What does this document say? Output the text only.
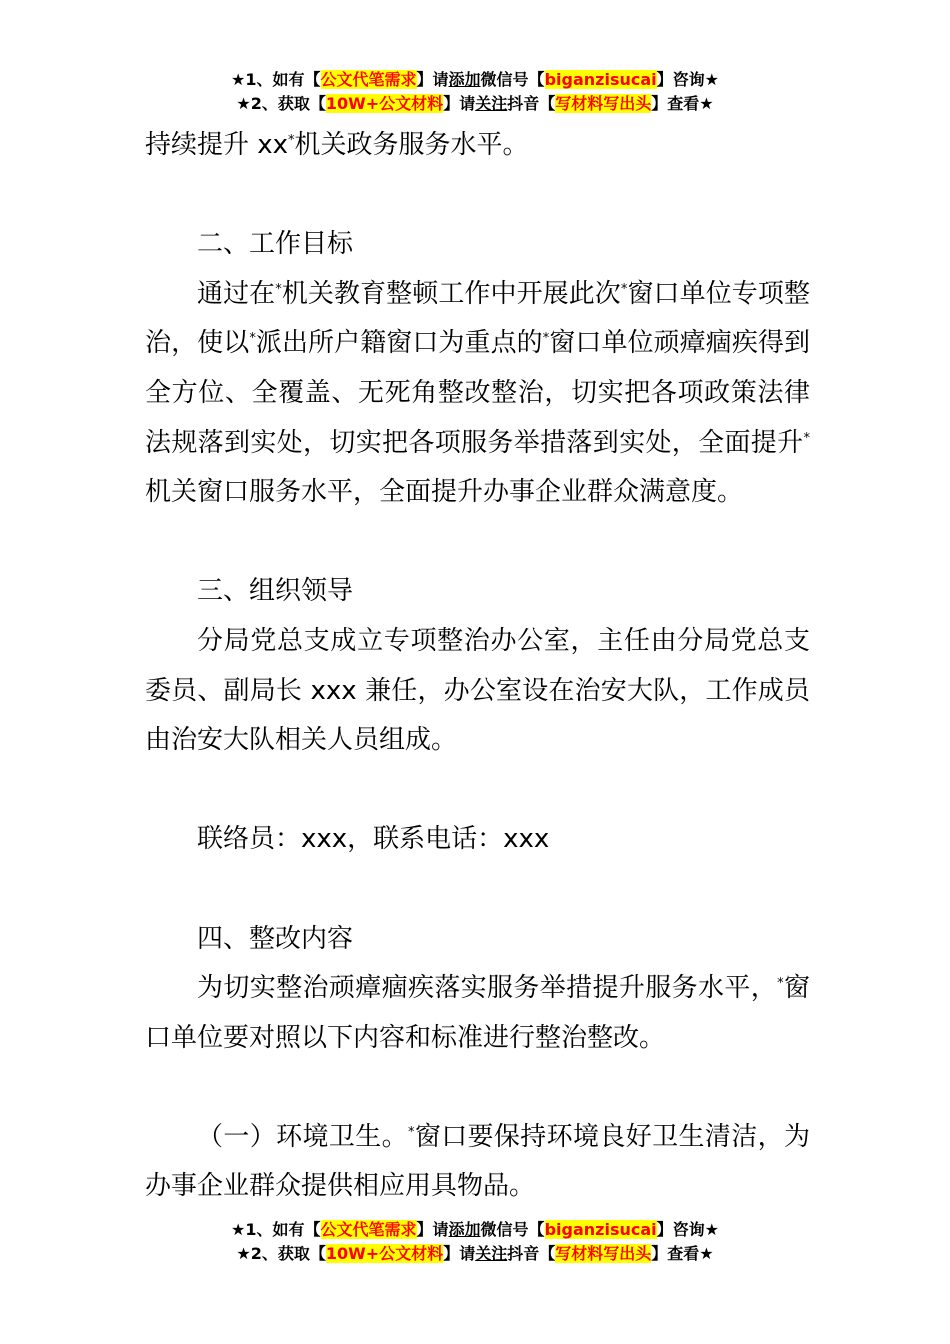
★1、如有【公文代笔需求】请添加微信号【biganzisucai】咨询★
★2、获取【10W+公文材料】请关注抖音【写材料写出头】查看★

持续提升 xx*机关政务服务水平。

二、工作目标

通过在*机关教育整顿工作中开展此次*窗口单位专项整治，使以*派出所户籍窗口为重点的*窗口单位顽瘴痼疾得到全方位、全覆盖、无死角整改整治，切实把各项政策法律法规落到实处，切实把各项服务举措落到实处，全面提升*机关窗口服务水平，全面提升办事企业群众满意度。

三、组织领导

分局党总支成立专项整治办公室，主任由分局党总支委员、副局长 xxx 兼任，办公室设在治安大队，工作成员由治安大队相关人员组成。

联络员：xxx，联系电话：xxx

四、整改内容

为切实整治顽瘴痼疾落实服务举措提升服务水平，*窗口单位要对照以下内容和标准进行整治整改。

（一）环境卫生。*窗口要保持环境良好卫生清洁，为办事企业群众提供相应用具物品。

★1、如有【公文代笔需求】请添加微信号【biganzisucai】咨询★
★2、获取【10W+公文材料】请关注抖音【写材料写出头】查看★
